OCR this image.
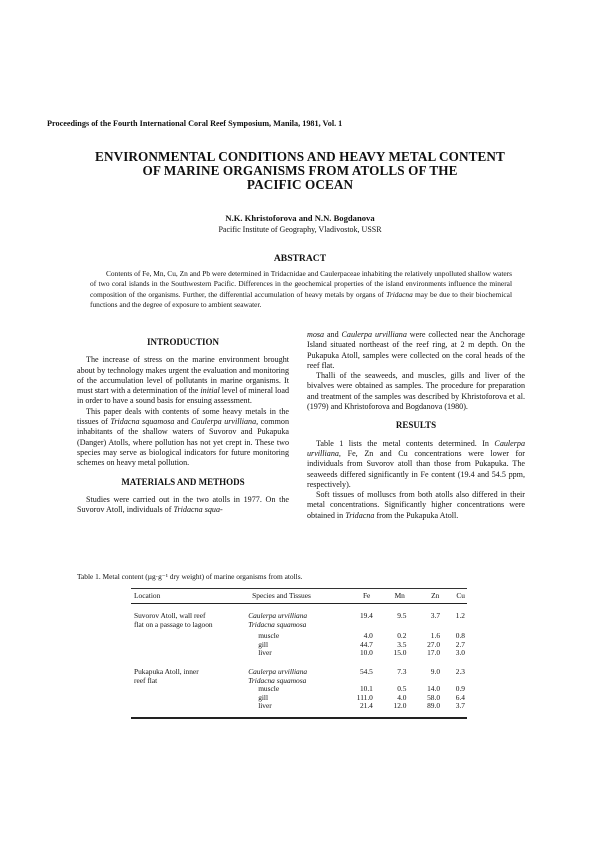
Proceedings of the Fourth International Coral Reef Symposium, Manila, 1981, Vol. 1
ENVIRONMENTAL CONDITIONS AND HEAVY METAL CONTENT
OF MARINE ORGANISMS FROM ATOLLS OF THE
PACIFIC OCEAN
N.K. Khristoforova and N.N. Bogdanova
Pacific Institute of Geography, Vladivostok, USSR
ABSTRACT
Contents of Fe, Mn, Cu, Zn and Pb were determined in Tridacnidae and Caulerpaceae inhabiting the relatively unpolluted shallow waters of two coral islands in the Southwestern Pacific. Differences in the geochemical properties of the island environments influence the mineral composition of the organisms. Further, the differential accumulation of heavy metals by organs of Tridacna may be due to their biochemical functions and the degree of exposure to ambient seawater.
INTRODUCTION

The increase of stress on the marine environment brought about by technology makes urgent the evaluation and monitoring of the accumulation level of pollutants in marine organisms. It must start with a determination of the initial level of mineral load in order to have a sound basis for ensuing assessment.

This paper deals with contents of some heavy metals in the tissues of Tridacna squamosa and Caulerpa urvilliana, common inhabitants of the shallow waters of Suvorov and Pukapuka (Danger) Atolls, where pollution has not yet crept in. These two species may serve as biological indicators for future monitoring schemes on heavy metal pollution.

MATERIALS AND METHODS

Studies were carried out in the two atolls in 1977. On the Suvorov Atoll, individuals of Tridacna squa-

mosa and Caulerpa urvilliana were collected near the Anchorage Island situated northeast of the reef ring, at 2 m depth. On the Pukapuka Atoll, samples were collected on the coral heads of the reef flat.

Thalli of the seaweeds, and muscles, gills and liver of the bivalves were obtained as samples. The procedure for preparation and treatment of the samples was described by Khristoforova et al. (1979) and Khristoforova and Bogdanova (1980).

RESULTS

Table 1 lists the metal contents determined. In Caulerpa urvilliana, Fe, Zn and Cu concentrations were lower for individuals from Suvorov atoll than those from Pukapuka. The seaweeds differed significantly in Fe content (19.4 and 54.5 ppm, respectively).

Soft tissues of molluscs from both atolls also differed in their metal concentrations. Significantly higher concentrations were obtained in Tridacna from the Pukapuka Atoll.

Table 1. Metal content (µg·g⁻¹ dry weight) of marine organisms from atolls.
Location	Species and Tissues	Fe	Mn	Zn	Cu
Suvorov Atoll, wall reef	Caulerpa urvilliana	19.4	9.5	3.7	1.2
flat on a passage to lagoon	Tridacna squamosa				

	muscle	4.0	0.2	1.6	0.8
	gill	44.7	3.5	27.0	2.7
	liver	10.0	15.0	17.0	3.0

Pukapuka Atoll, inner	Caulerpa urvilliana	54.5	7.3	9.0	2.3
reef flat	Tridacna squamosa				
	muscle	10.1	0.5	14.0	0.9
	gill	111.0	4.0	58.0	6.4
	liver	21.4	12.0	89.0	3.7
